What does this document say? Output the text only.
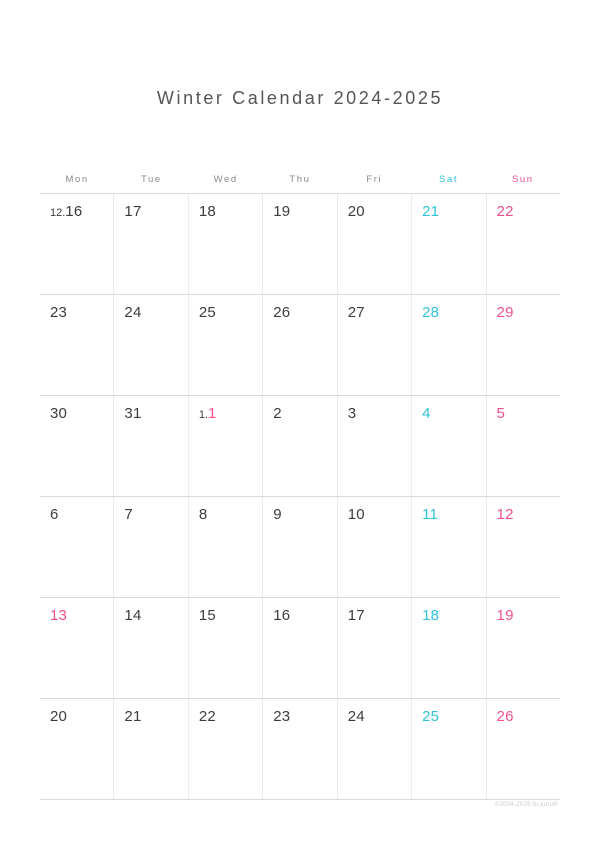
Winter Calendar 2024-2025
Mon	Tue	Wed	Thu	Fri	Sat	Sun
12.16	17	18	19	20	21	22
23	24	25	26	27	28	29
30	31	1.1	2	3	4	5
6	7	8	9	10	11	12
13	14	15	16	17	18	19
20	21	22	23	24	25	26
©2024-2025 fu.kuru®
